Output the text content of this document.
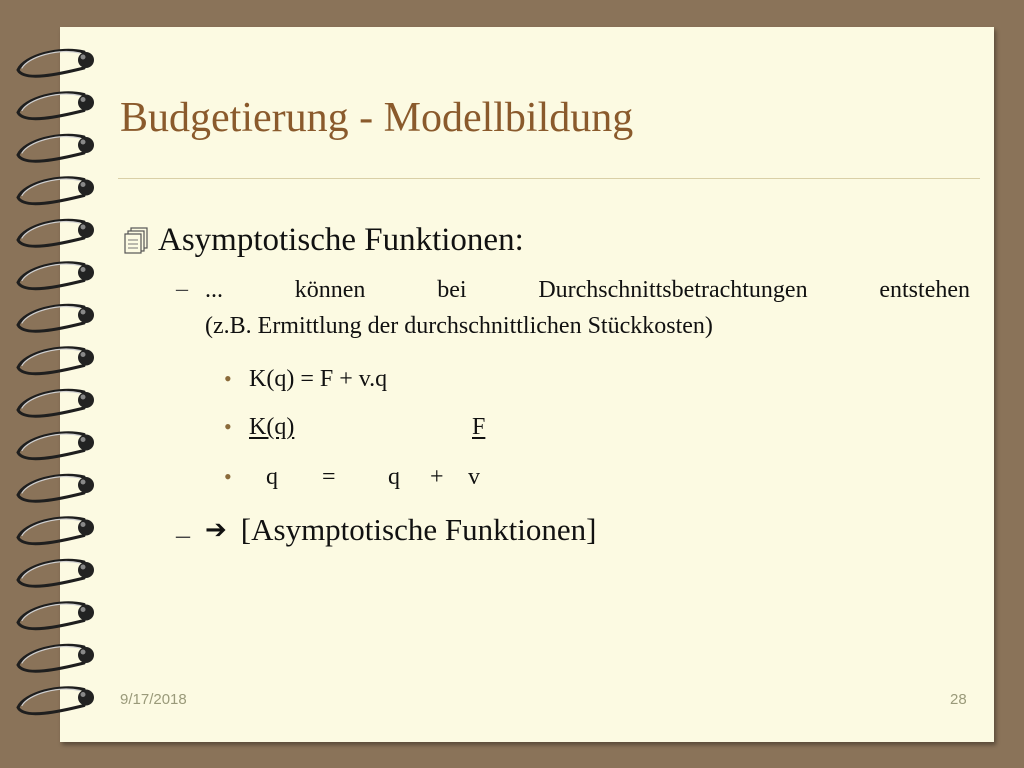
Budgetierung - Modellbildung
Asymptotische Funktionen:
– ...	können	bei	Durchschnittsbetrachtungen	entstehen
(z.B. Ermittlung der durchschnittlichen Stückkosten)
• K(q) = F + v.q
• K(q)	F
• q = q + v
– ➔ [Asymptotische Funktionen]
9/17/2018	28
